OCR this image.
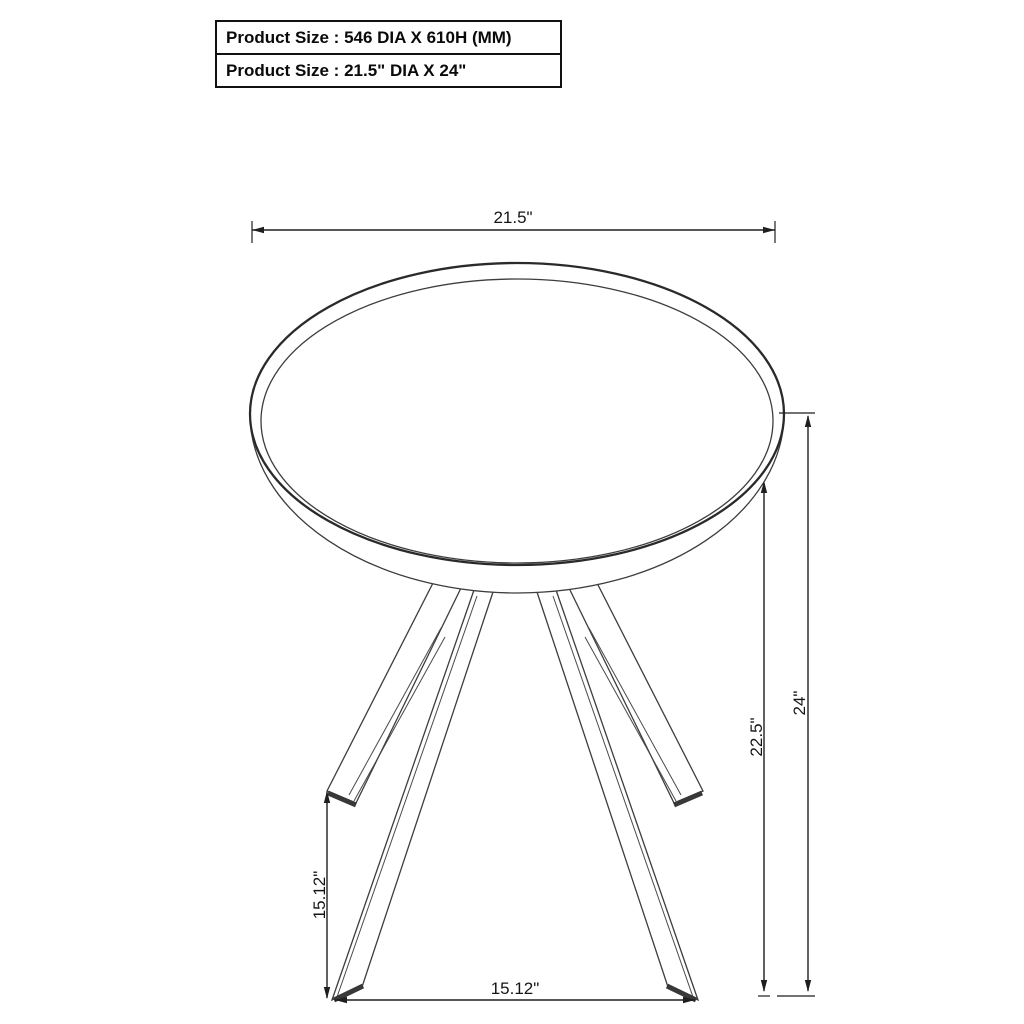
Product Size : 546 DIA X 610H (MM)
Product Size : 21.5" DIA X 24"
21.5"
24"
22.5"
15.12"
15.12"
